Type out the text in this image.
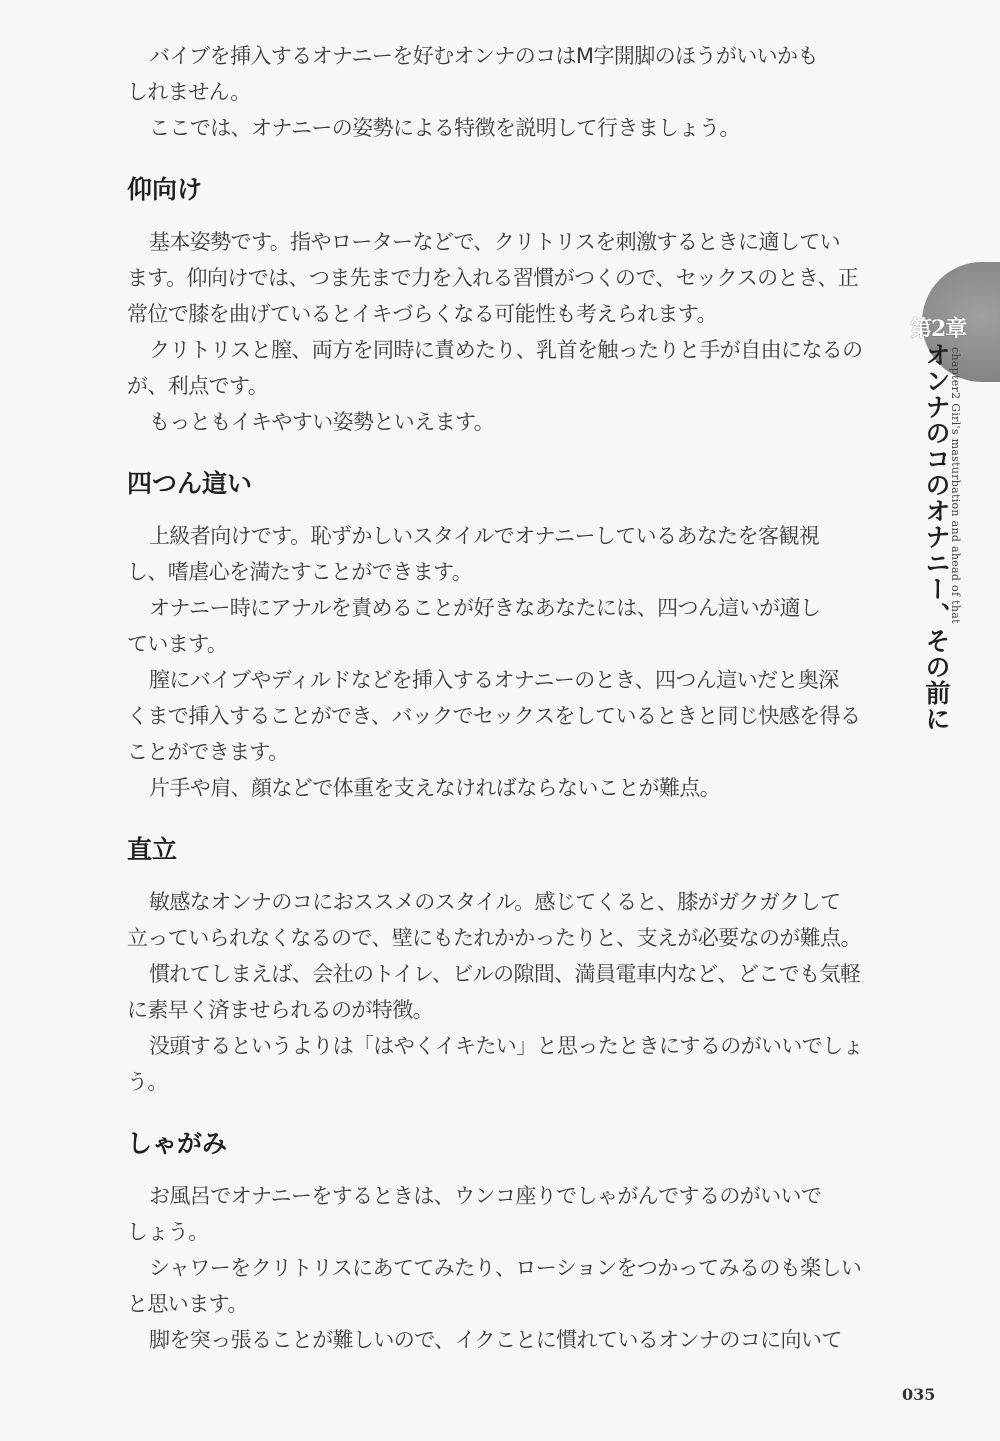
バイブを挿入するオナニーを好むオンナのコはM字開脚のほうがいいかも
しれません。
ここでは、オナニーの姿勢による特徴を説明して行きましょう。
仰向け
基本姿勢です。指やローターなどで、クリトリスを刺激するときに適してい
ます。仰向けでは、つま先まで力を入れる習慣がつくので、セックスのとき、正
常位で膝を曲げているとイキづらくなる可能性も考えられます。
クリトリスと膣、両方を同時に責めたり、乳首を触ったりと手が自由になるの
が、利点です。
もっともイキやすい姿勢といえます。
四つん這い
上級者向けです。恥ずかしいスタイルでオナニーしているあなたを客観視
し、嗜虐心を満たすことができます。
オナニー時にアナルを責めることが好きなあなたには、四つん這いが適し
ています。
膣にバイブやディルドなどを挿入するオナニーのとき、四つん這いだと奥深
くまで挿入することができ、バックでセックスをしているときと同じ快感を得る
ことができます。
片手や肩、顔などで体重を支えなければならないことが難点。
直立
敏感なオンナのコにおススメのスタイル。感じてくると、膝がガクガクして
立っていられなくなるので、壁にもたれかかったりと、支えが必要なのが難点。
慣れてしまえば、会社のトイレ、ビルの隙間、満員電車内など、どこでも気軽
に素早く済ませられるのが特徴。
没頭するというよりは「はやくイキたい」と思ったときにするのがいいでしょ
う。
しゃがみ
お風呂でオナニーをするときは、ウンコ座りでしゃがんでするのがいいで
しょう。
シャワーをクリトリスにあててみたり、ローションをつかってみるのも楽しい
と思います。
脚を突っ張ることが難しいので、イクことに慣れているオンナのコに向いて
第2章
chapter2 Girl's masturbation and ahead of that
オンナのコのオナニー、その前に
035
